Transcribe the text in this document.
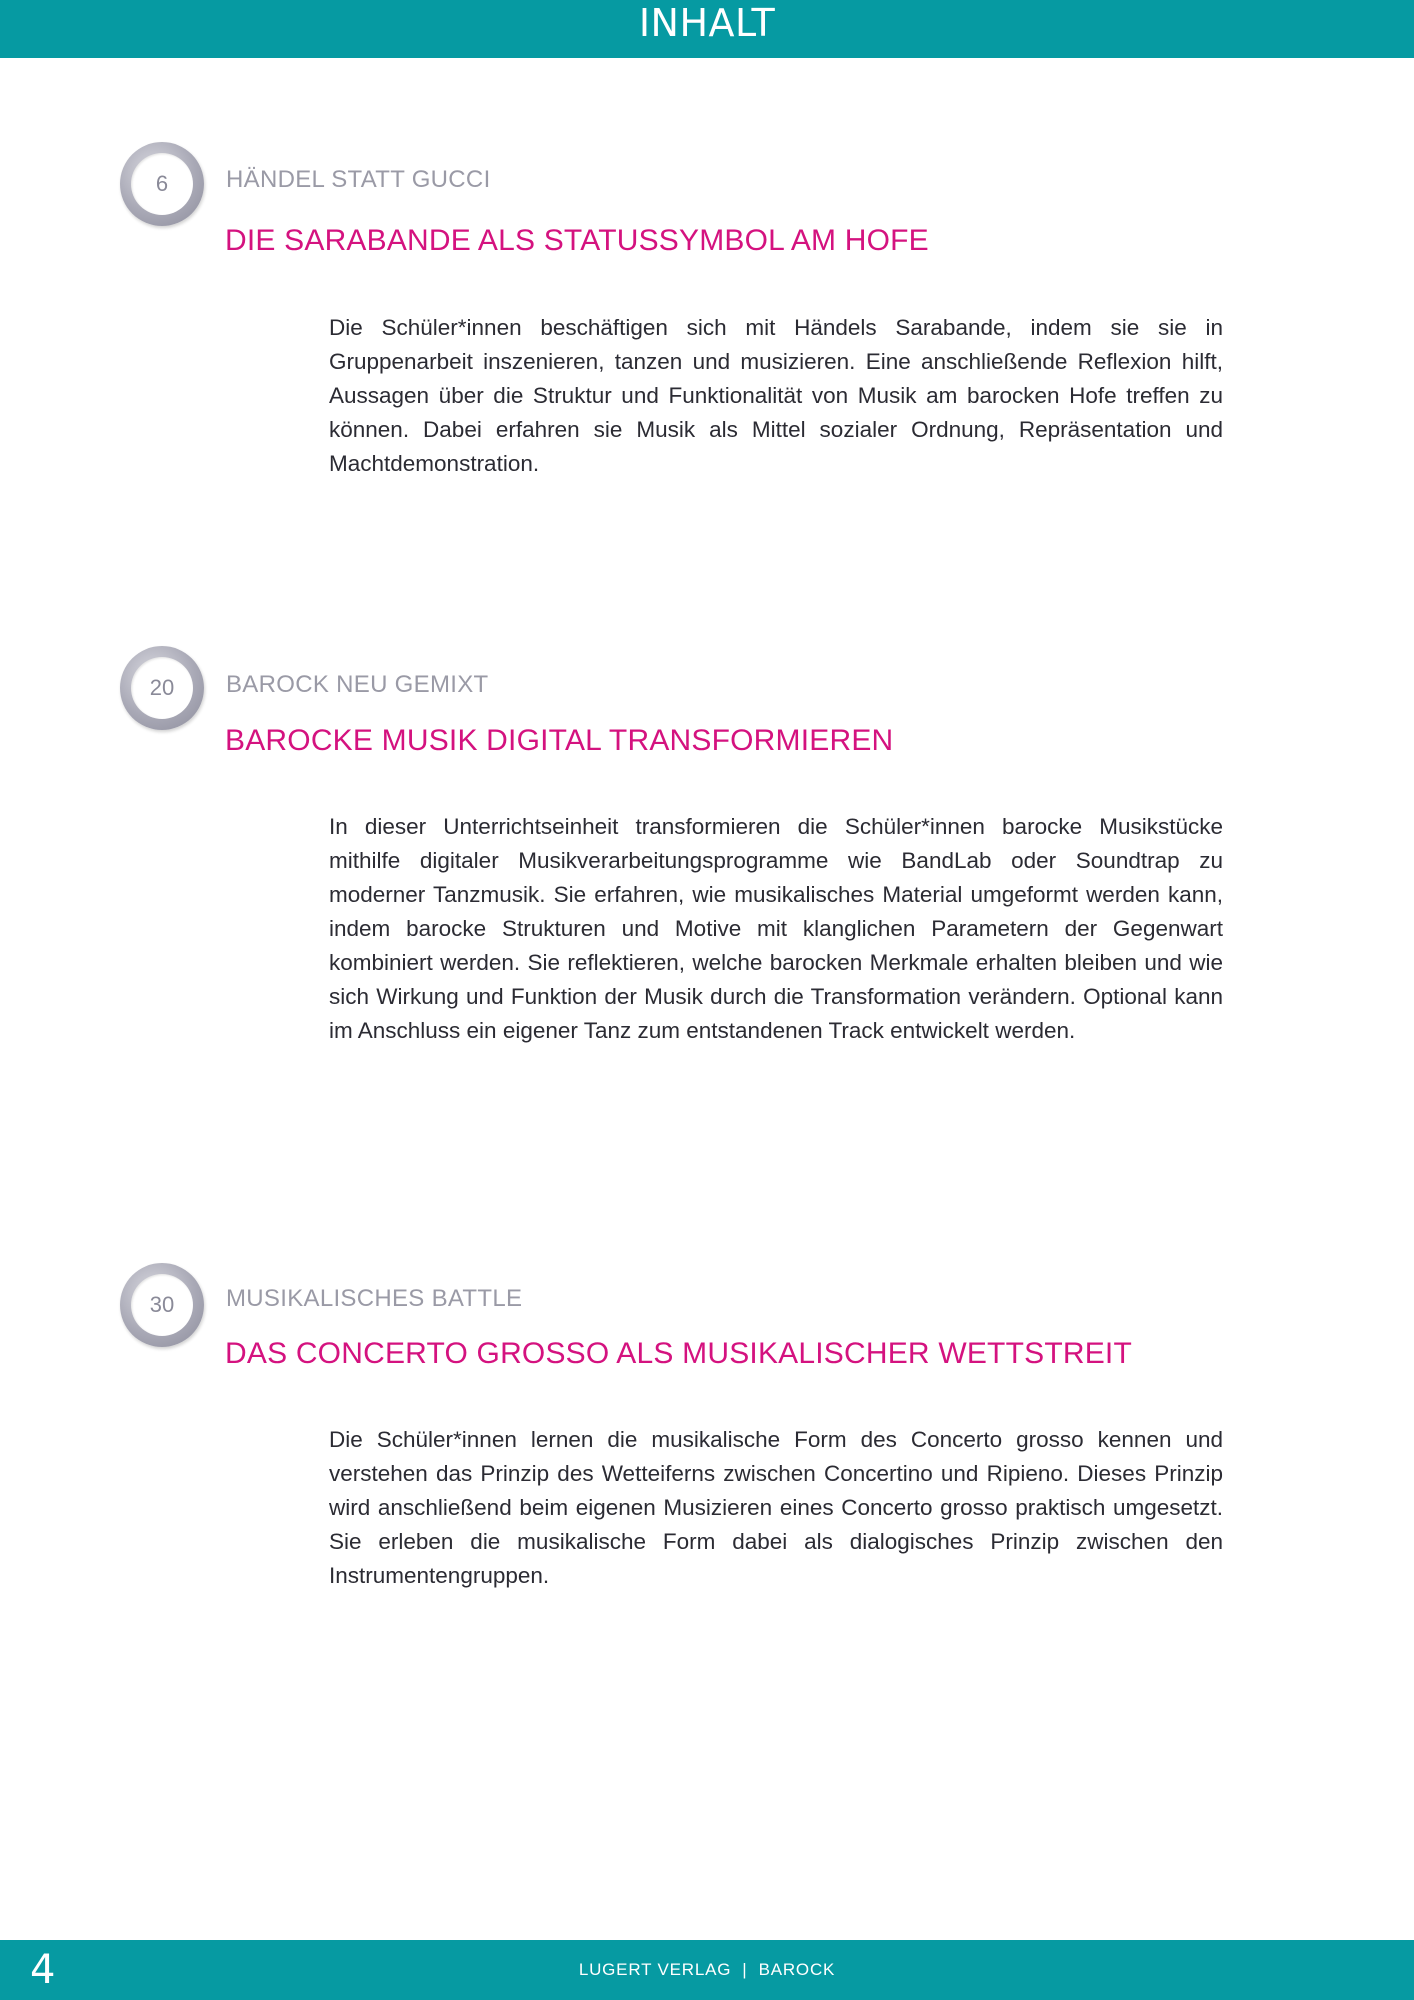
INHALT
6	HÄNDEL STATT GUCCI
DIE SARABANDE ALS STATUSSYMBOL AM HOFE
Die Schüler*innen beschäftigen sich mit Händels Sarabande, indem sie sie in Gruppenarbeit inszenieren, tanzen und musizieren. Eine anschließende Reflexion hilft, Aussagen über die Struktur und Funktionalität von Musik am barocken Hofe treffen zu können. Dabei erfahren sie Musik als Mittel sozialer Ordnung, Repräsentation und Machtdemonstration.
20	BAROCK NEU GEMIXT
BAROCKE MUSIK DIGITAL TRANSFORMIEREN
In dieser Unterrichtseinheit transformieren die Schüler*innen barocke Musikstücke mithilfe digitaler Musikverarbeitungsprogramme wie BandLab oder Soundtrap zu moderner Tanzmusik. Sie erfahren, wie musikalisches Material umgeformt werden kann, indem barocke Strukturen und Motive mit klanglichen Parametern der Gegenwart kombiniert werden. Sie reflektieren, welche barocken Merkmale erhalten bleiben und wie sich Wirkung und Funktion der Musik durch die Transformation verändern. Optional kann im Anschluss ein eigener Tanz zum entstandenen Track entwickelt werden.
30	MUSIKALISCHES BATTLE
DAS CONCERTO GROSSO ALS MUSIKALISCHER WETTSTREIT
Die Schüler*innen lernen die musikalische Form des Concerto grosso kennen und verstehen das Prinzip des Wetteiferns zwischen Concertino und Ripieno. Dieses Prinzip wird anschließend beim eigenen Musizieren eines Concerto grosso praktisch umgesetzt. Sie erleben die musikalische Form dabei als dialogisches Prinzip zwischen den Instrumentengruppen.
4	LUGERT VERLAG  |  BAROCK
